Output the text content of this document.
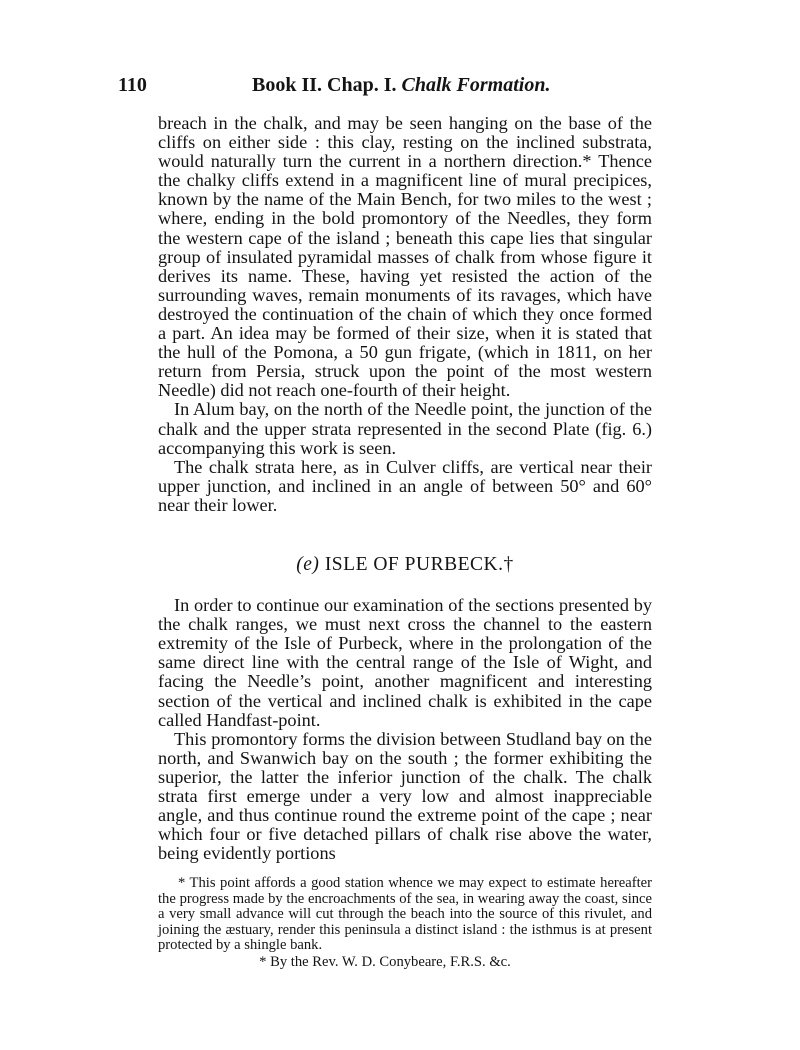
110	Book II. Chap. I. Chalk Formation.

breach in the chalk, and may be seen hanging on the base of the cliffs on either side : this clay, resting on the inclined substrata, would naturally turn the current in a northern direction.* Thence the chalky cliffs extend in a magnificent line of mural precipices, known by the name of the Main Bench, for two miles to the west ; where, ending in the bold promontory of the Needles, they form the western cape of the island ; beneath this cape lies that singular group of insulated pyramidal masses of chalk from whose figure it derives its name. These, having yet resisted the action of the surrounding waves, remain monuments of its ravages, which have destroyed the continuation of the chain of which they once formed a part. An idea may be formed of their size, when it is stated that the hull of the Pomona, a 50 gun frigate, (which in 1811, on her return from Persia, struck upon the point of the most western Needle) did not reach one-fourth of their height.

In Alum bay, on the north of the Needle point, the junction of the chalk and the upper strata represented in the second Plate (fig. 6.) accompanying this work is seen.

The chalk strata here, as in Culver cliffs, are vertical near their upper junction, and inclined in an angle of between 50° and 60° near their lower.

(e) ISLE OF PURBECK.†

In order to continue our examination of the sections presented by the chalk ranges, we must next cross the channel to the eastern extremity of the Isle of Purbeck, where in the prolongation of the same direct line with the central range of the Isle of Wight, and facing the Needle’s point, another magnificent and interesting section of the vertical and inclined chalk is exhibited in the cape called Handfast-point.

This promontory forms the division between Studland bay on the north, and Swanwich bay on the south ; the former exhibiting the superior, the latter the inferior junction of the chalk. The chalk strata first emerge under a very low and almost inappreciable angle, and thus continue round the extreme point of the cape ; near which four or five detached pillars of chalk rise above the water, being evidently portions

* This point affords a good station whence we may expect to estimate hereafter the progress made by the encroachments of the sea, in wearing away the coast, since a very small advance will cut through the beach into the source of this rivulet, and joining the æstuary, render this peninsula a distinct island : the isthmus is at present protected by a shingle bank.

* By the Rev. W. D. Conybeare, F.R.S. &c.
